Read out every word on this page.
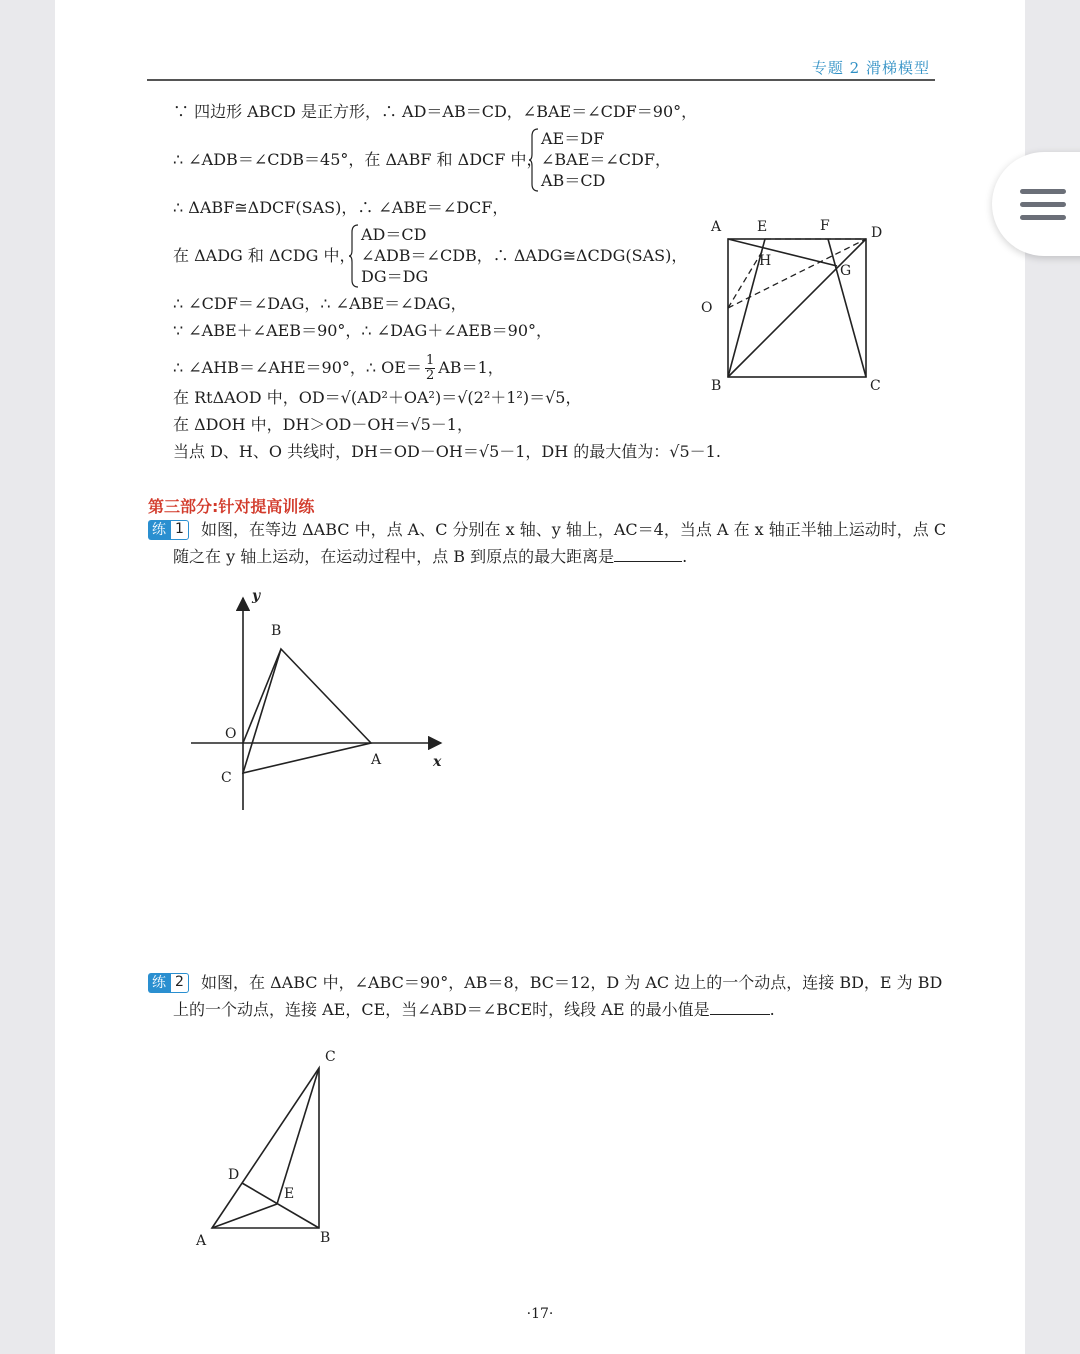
专题 2 滑梯模型
∵ 四边形 ABCD 是正方形，∴ AD＝AB＝CD，∠BAE＝∠CDF＝90°，
∴ ∠ADB＝∠CDB＝45°，在 ΔABF 和 ΔDCF 中，
AE＝DF
∠BAE＝∠CDF，
AB＝CD
∴ ΔABF≅ΔDCF(SAS)，∴ ∠ABE＝∠DCF，
在 ΔADG 和 ΔCDG 中，
AD＝CD
∠ADB＝∠CDB，∴ ΔADG≅ΔCDG(SAS)，
DG＝DG
∴ ∠CDF＝∠DAG，∴ ∠ABE＝∠DAG，
∵ ∠ABE＋∠AEB＝90°，∴ ∠DAG＋∠AEB＝90°，
∴ ∠AHB＝∠AHE＝90°，∴ $OE= \frac{1}{2} AB=1$，
在 RtΔAOD 中，OD＝√(AD²＋OA²)＝√(2²＋1²)＝√5，
在 ΔDOH 中，DH＞OD－OH＝√5－1，
当点 D、H、O 共线时，DH＝OD－OH＝√5－1，DH 的最大值为：√5－1.
A	E	F	D
H
G
O
B	C
第三部分:针对提高训练
练 1	如图，在等边 ΔABC 中，点 A、C 分别在 x 轴、y 轴上，AC＝4，当点 A 在 x 轴正半轴上运动时，点 C
随之在 y 轴上运动，在运动过程中，点 B 到原点的最大距离是	.
y
B
O
C
A	x
练 2	如图，在 ΔABC 中，∠ABC＝90°，AB＝8，BC＝12，D 为 AC 边上的一个动点，连接 BD，E 为 BD
上的一个动点，连接 AE，CE，当∠ABD＝∠BCE时，线段 AE 的最小值是	.
C
D
E
A	B
·17·
